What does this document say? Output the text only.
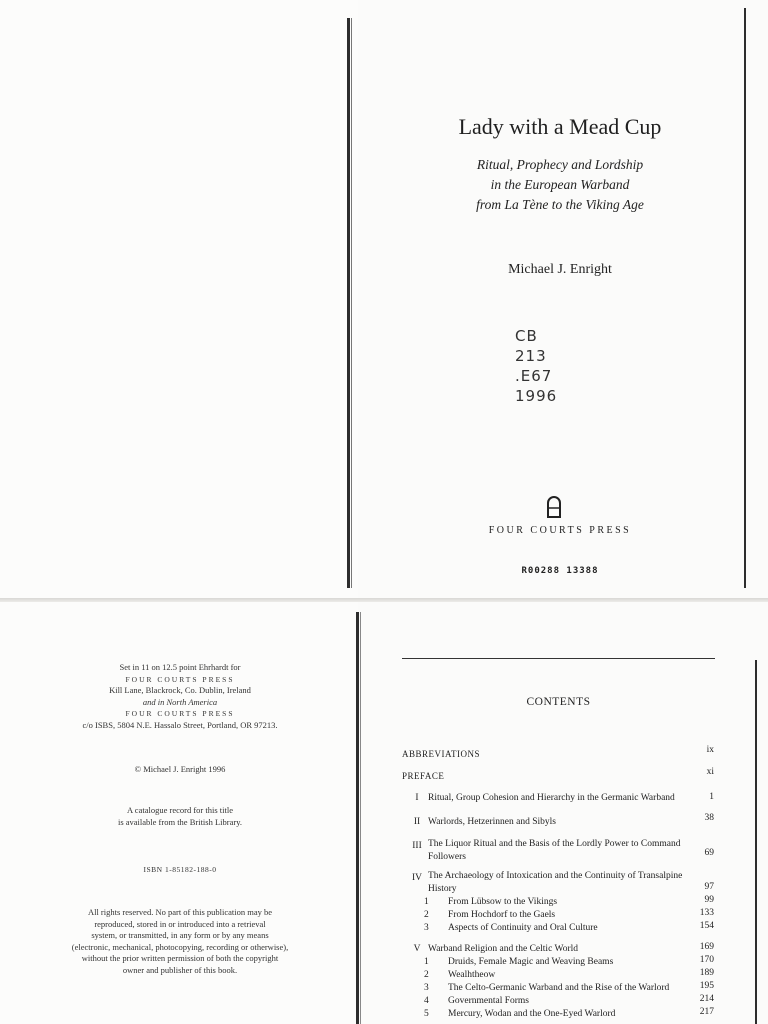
Lady with a Mead Cup
Ritual, Prophecy and Lordship
in the European Warband
from La Tène to the Viking Age
Michael J. Enright
CB
213
.E67
1996
FOUR COURTS PRESS
R00288 13388
Set in 11 on 12.5 point Ehrhardt for
FOUR COURTS PRESS
Kill Lane, Blackrock, Co. Dublin, Ireland
and in North America
FOUR COURTS PRESS
c/o ISBS, 5804 N.E. Hassalo Street, Portland, OR 97213.
© Michael J. Enright 1996
A catalogue record for this title
is available from the British Library.
ISBN 1-85182-188-0
All rights reserved. No part of this publication may be
reproduced, stored in or introduced into a retrieval
system, or transmitted, in any form or by any means
(electronic, mechanical, photocopying, recording or otherwise),
without the prior written permission of both the copyright
owner and publisher of this book.
CONTENTS
ABBREVIATIONS	ix
PREFACE	xi
I Ritual, Group Cohesion and Hierarchy in the Germanic Warband	1
II Warlords, Hetzerinnen and Sibyls	38
III The Liquor Ritual and the Basis of the Lordly Power to Command
Followers	69
IV The Archaeology of Intoxication and the Continuity of Transalpine
History	97
1 From Lübsow to the Vikings	99
2 From Hochdorf to the Gaels	133
3 Aspects of Continuity and Oral Culture	154
V Warband Religion and the Celtic World	169
1 Druids, Female Magic and Weaving Beams	170
2 Wealhtheow	189
3 The Celto-Germanic Warband and the Rise of the Warlord	195
4 Governmental Forms	214
5 Mercury, Wodan and the One-Eyed Warlord	217
